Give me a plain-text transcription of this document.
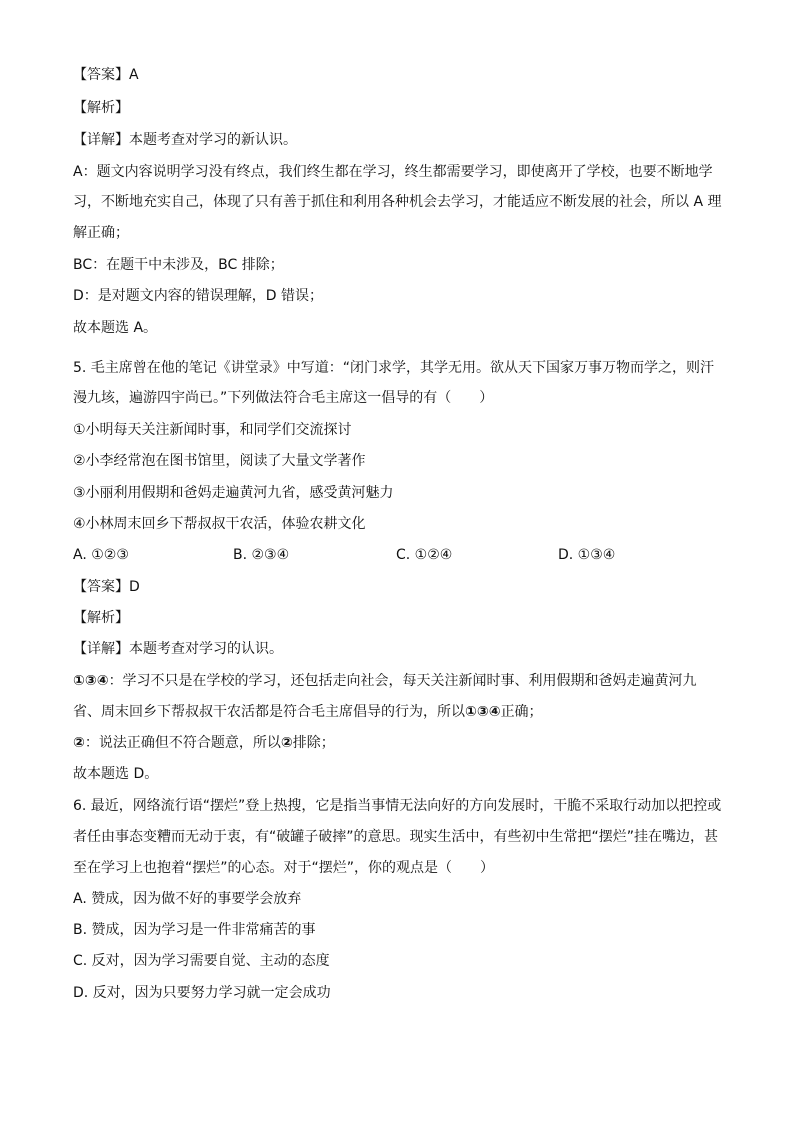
【答案】A
【解析】
【详解】本题考查对学习的新认识。
A：题文内容说明学习没有终点，我们终生都在学习，终生都需要学习，即使离开了学校，也要不断地学
习，不断地充实自己，体现了只有善于抓住和利用各种机会去学习，才能适应不断发展的社会，所以 A 理
解正确；
BC：在题干中未涉及，BC 排除；
D：是对题文内容的错误理解，D 错误；
故本题选 A。
5. 毛主席曾在他的笔记《讲堂录》中写道：“闭门求学，其学无用。欲从天下国家万事万物而学之，则汗
漫九垓，遍游四宇尚已。”下列做法符合毛主席这一倡导的有（　　）
①小明每天关注新闻时事，和同学们交流探讨
②小李经常泡在图书馆里，阅读了大量文学著作
③小丽利用假期和爸妈走遍黄河九省，感受黄河魅力
④小林周末回乡下帮叔叔干农活，体验农耕文化
A. ①②③	B. ②③④	C. ①②④	D. ①③④
【答案】D
【解析】
【详解】本题考查对学习的认识。
①③④：学习不只是在学校的学习，还包括走向社会，每天关注新闻时事、利用假期和爸妈走遍黄河九
省、周末回乡下帮叔叔干农活都是符合毛主席倡导的行为，所以①③④正确；
②：说法正确但不符合题意，所以②排除；
故本题选 D。
6. 最近，网络流行语“摆烂”登上热搜，它是指当事情无法向好的方向发展时，干脆不采取行动加以把控或
者任由事态变糟而无动于衷，有“破罐子破摔”的意思。现实生活中，有些初中生常把“摆烂”挂在嘴边，甚
至在学习上也抱着“摆烂”的心态。对于“摆烂”，你的观点是（　　）
A. 赞成，因为做不好的事要学会放弃
B. 赞成，因为学习是一件非常痛苦的事
C. 反对，因为学习需要自觉、主动的态度
D. 反对，因为只要努力学习就一定会成功
